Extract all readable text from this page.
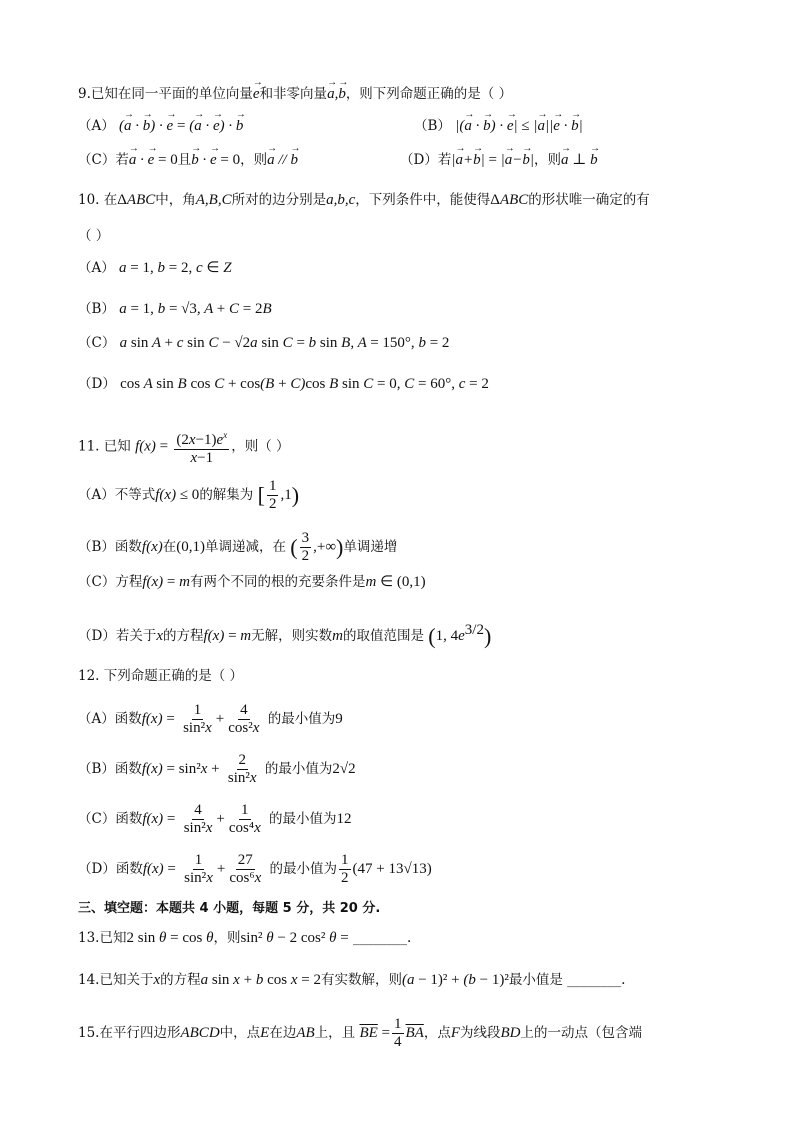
9.已知在同一平面的单位向量→ e和非零向量→ a,→ b，则下列命题正确的是（ ）
（A） (→ a · → b) · → e = (→ a · → e) · → b	（B） |(→ a · → b) · → e| ≤ |→ a||→ e · → b|
（C）若→ a · → e = 0且→ b · → e = 0，则→ a // → b	（D）若|→ a+→ b| = |→ a−→ b|，则→ a ⊥ → b
10. 在ΔABC中，角A,B,C所对的边分别是a,b,c，下列条件中，能使得ΔABC的形状唯一确定的有
（ ）
（A） a = 1, b = 2, c ∈ Z
（B） a = 1, b = √3, A + C = 2B
（C） a sin A + c sin C − √2a sin C = b sin B, A = 150°, b = 2
（D） cos A sin B cos C + cos(B + C)cos B sin C = 0, C = 60°, c = 2
11. 已知 $f(x) = \frac{(2x-1)e^x}{x-1}$ ，则（ ）
（A）不等式f(x) ≤ 0的解集为 [ $\frac{1}{2} ,1$)
（B）函数f(x)在(0,1)单调递减，在 ( $\frac{3}{2}$ ,+∞)单调递增
（C）方程f(x) = m有两个不同的根的充要条件是m ∈ (0,1)
（D）若关于x的方程f(x) = m无解，则实数m的取值范围是 (1, $4e^{3/2}$)
12. 下列命题正确的是（ ）
（A）函数$f(x) = \frac{1}{\text{sin²x}} + \frac{4}{\text{cos²x}}$ 的最小值为9
（B）函数$f(x) = \sin^2x + \frac{2}{\text{sin²x}}$ 的最小值为2√2
（C）函数$f(x) = \frac{4}{\text{sin²x}} + \frac{1}{\text{cos⁴x}}$ 的最小值为12
（D）函数$f(x) = \frac{1}{\text{sin²x}} + \frac{27}{\text{cos⁶x}}$ 的最小值为 $\frac{1}{2} (47 + 13√13)$
三、填空题：本题共 4 小题，每题 5 分，共 20 分.
13.已知2 sin θ = cos θ，则sin² θ − 2 cos² θ = ________.
14.已知关于x的方程a sin x + b cos x = 2有实数解，则(a − 1)² + (b − 1)²最小值是 ________.
15.在平行四边形ABCD中，点E在边AB上，且 $\overline{BE} = \frac{1}{4} \overline{BA}$，点F为线段BD上的一动点（包含端
